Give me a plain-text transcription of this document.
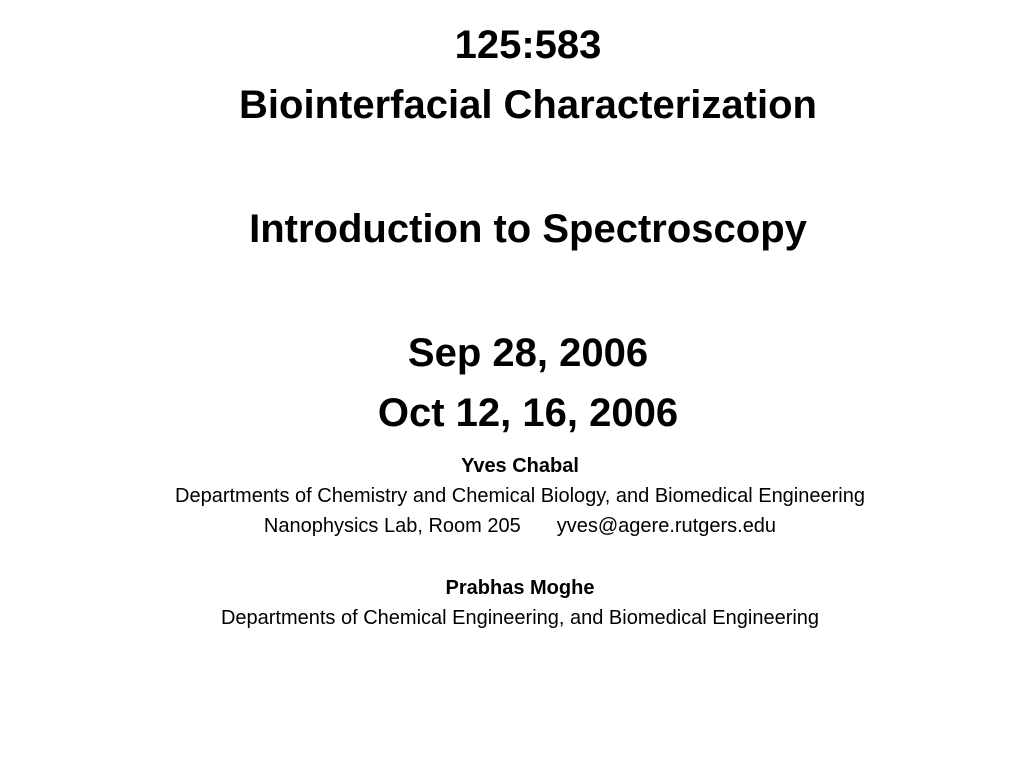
125:583
Biointerfacial Characterization
Introduction to Spectroscopy
Sep 28, 2006
Oct 12, 16, 2006
Yves Chabal
Departments of Chemistry and Chemical Biology, and Biomedical Engineering
Nanophysics Lab, Room 205 yves@agere.rutgers.edu
Prabhas Moghe
Departments of Chemical Engineering, and Biomedical Engineering
